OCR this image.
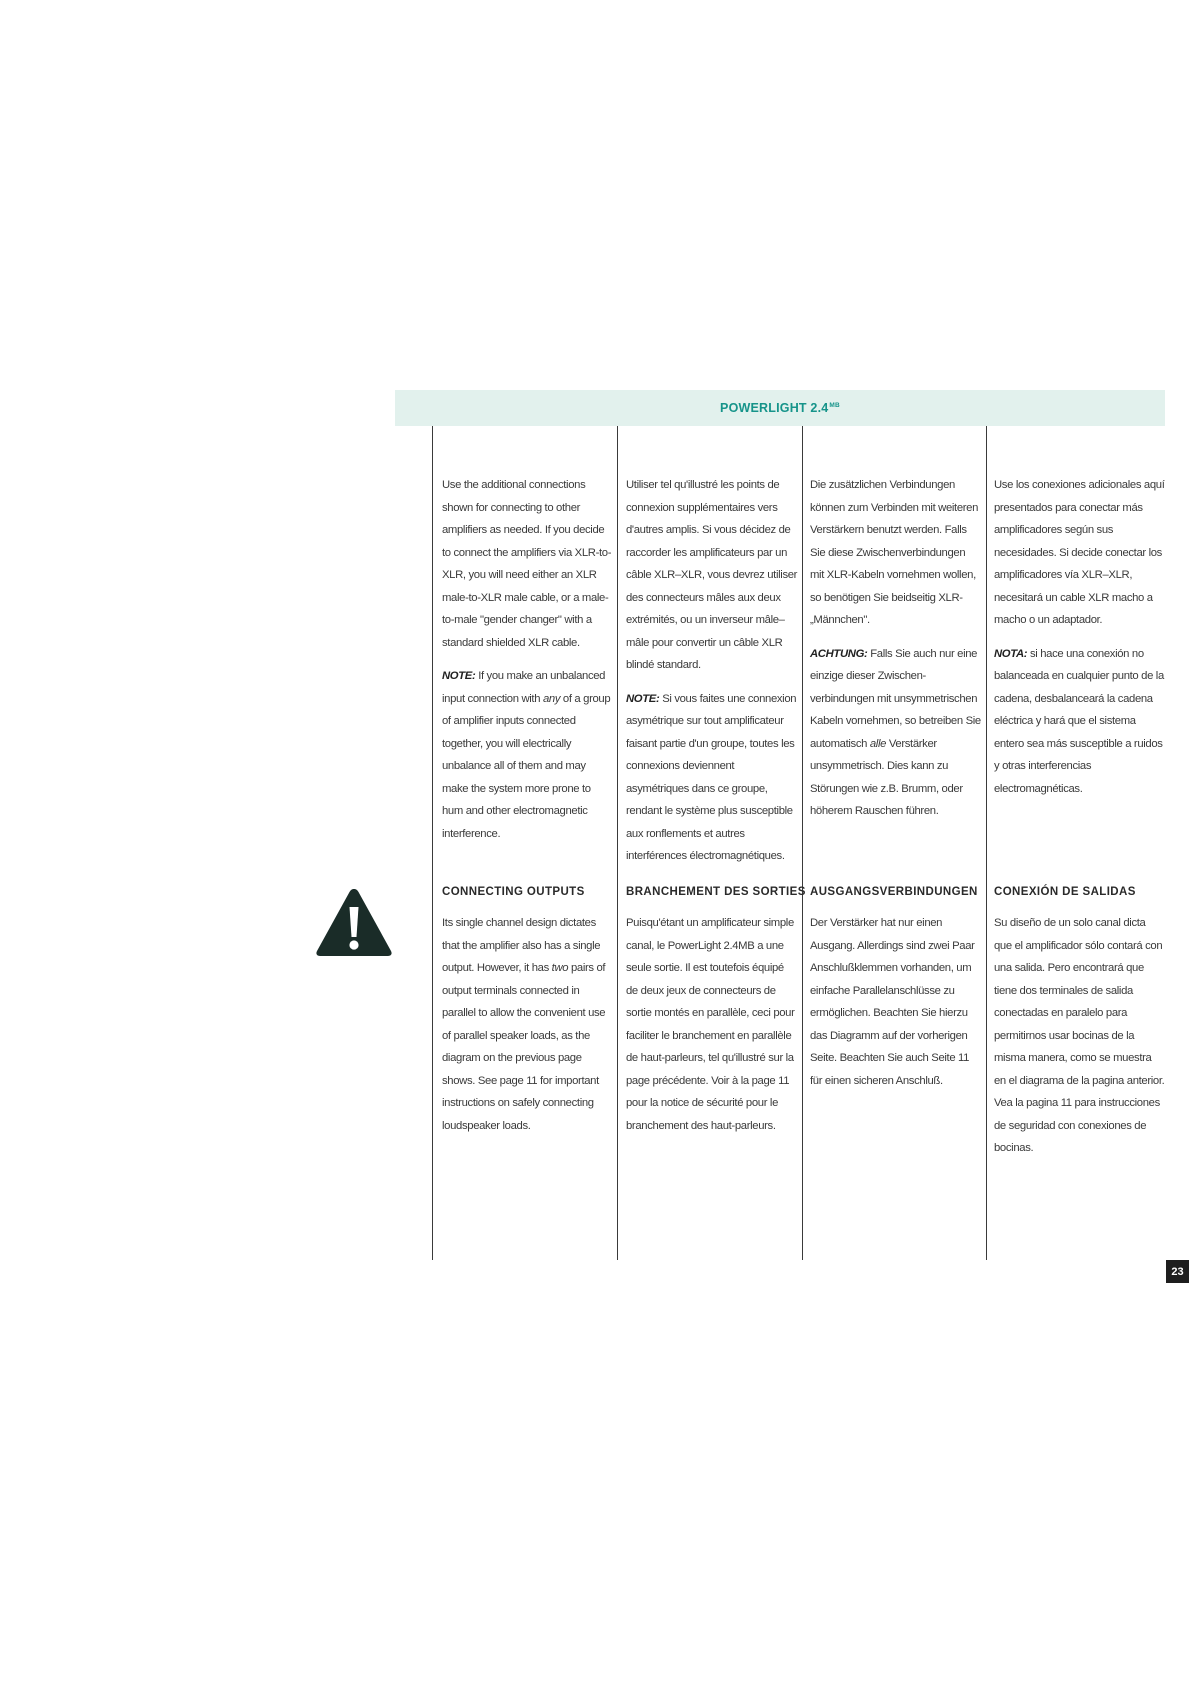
POWERLIGHT $2.4^{MB}$

Use the additional connections shown for connecting to other amplifiers as needed. If you decide to connect the amplifiers via XLR-to-XLR, you will need either an XLR male-to-XLR male cable, or a male-to-male "gender changer" with a standard shielded XLR cable.

NOTE: If you make an unbalanced input connection with any of a group of amplifier inputs connected together, you will electrically unbalance all of them and may make the system more prone to hum and other electromagnetic interference.

CONNECTING OUTPUTS

Its single channel design dictates that the amplifier also has a single output. However, it has two pairs of output terminals connected in parallel to allow the convenient use of parallel speaker loads, as the diagram on the previous page shows. See page 11 for important instructions on safely connecting loudspeaker loads.

Utiliser tel qu'illustré les points de connexion supplémentaires vers d'autres amplis. Si vous décidez de raccorder les amplificateurs par un câble XLR–XLR, vous devrez utiliser des connecteurs mâles aux deux extrémités, ou un inverseur mâle–mâle pour convertir un câble XLR blindé standard.

NOTE: Si vous faites une connexion asymétrique sur tout amplificateur faisant partie d'un groupe, toutes les connexions deviennent asymétriques dans ce groupe, rendant le système plus susceptible aux ronflements et autres interférences électromagnétiques.

BRANCHEMENT DES SORTIES

Puisqu'étant un amplificateur simple canal, le PowerLight 2.4MB a une seule sortie. Il est toutefois équipé de deux jeux de connecteurs de sortie montés en parallèle, ceci pour faciliter le branchement en parallèle de haut-parleurs, tel qu'illustré sur la page précédente. Voir à la page 11 pour la notice de sécurité pour le branchement des haut-parleurs.

Die zusätzlichen Verbindungen können zum Verbinden mit weiteren Verstärkern benutzt werden. Falls Sie diese Zwischenverbindungen mit XLR-Kabeln vornehmen wollen, so benötigen Sie beidseitig XLR-„Männchen".

ACHTUNG: Falls Sie auch nur eine einzige dieser Zwischen-verbindungen mit unsymmetrischen Kabeln vornehmen, so betreiben Sie automatisch alle Verstärker unsymmetrisch. Dies kann zu Störungen wie z.B. Brumm, oder höherem Rauschen führen.

AUSGANGSVERBINDUNGEN

Der Verstärker hat nur einen Ausgang. Allerdings sind zwei Paar Anschlußklemmen vorhanden, um einfache Parallelanschlüsse zu ermöglichen. Beachten Sie hierzu das Diagramm auf der vorherigen Seite. Beachten Sie auch Seite 11 für einen sicheren Anschluß.

Use los conexiones adicionales aquí presentados para conectar más amplificadores según sus necesidades. Si decide conectar los amplificadores vía XLR–XLR, necesitará un cable XLR macho a macho o un adaptador.

NOTA: si hace una conexión no balanceada en cualquier punto de la cadena, desbalanceará la cadena eléctrica y hará que el sistema entero sea más susceptible a ruidos y otras interferencias electromagnéticas.

CONEXIÓN DE SALIDAS

Su diseño de un solo canal dicta que el amplificador sólo contará con una salida. Pero encontrará que tiene dos terminales de salida conectadas en paralelo para permitirnos usar bocinas de la misma manera, como se muestra en el diagrama de la pagina anterior. Vea la pagina 11 para instrucciones de seguridad con conexiones de bocinas.

23
